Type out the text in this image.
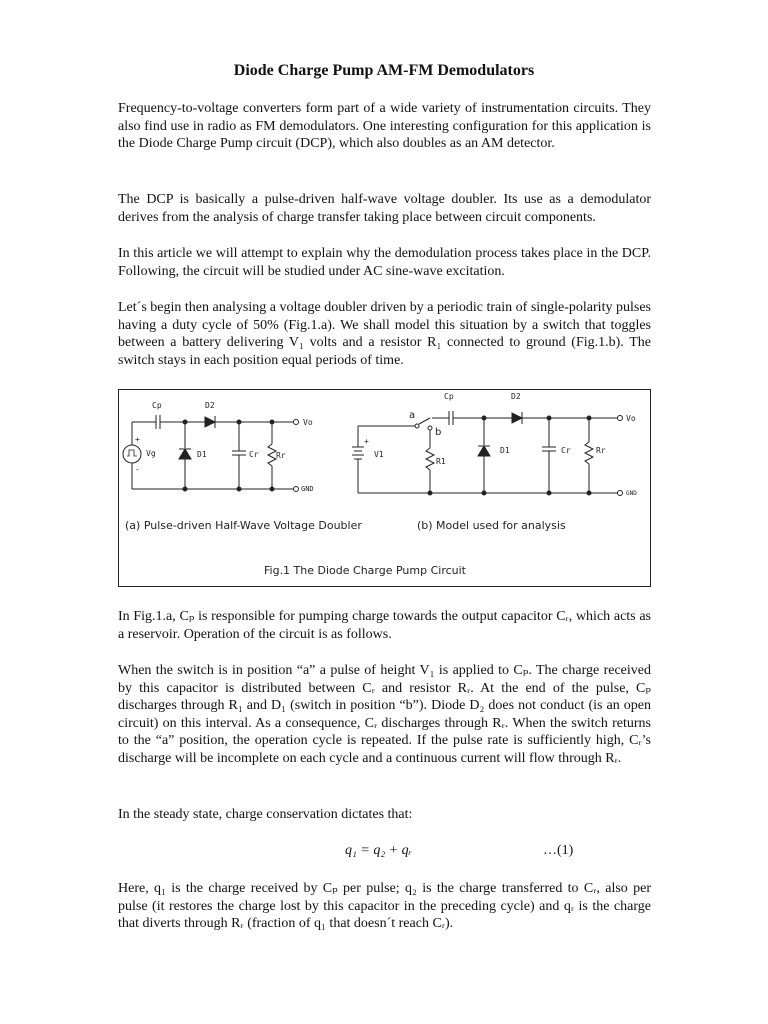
Diode Charge Pump AM-FM Demodulators
Frequency-to-voltage converters form part of a wide variety of instrumentation circuits. They also find use in radio as FM demodulators. One interesting configuration for this application is the Diode Charge Pump circuit (DCP), which also doubles as an AM detector.
The DCP is basically a pulse-driven half-wave voltage doubler. Its use as a demodulator derives from the analysis of charge transfer taking place between circuit components.
In this article we will attempt to explain why the demodulation process takes place in the DCP. Following, the circuit will be studied under AC sine-wave excitation.
Let´s begin then analysing a voltage doubler driven by a periodic train of single-polarity pulses having a duty cycle of 50% (Fig.1.a). We shall model this situation by a switch that toggles between a battery delivering V₁ volts and a resistor R₁ connected to ground (Fig.1.b). The switch stays in each position equal periods of time.
Cp	D2
Vo
D1	Cr Rr
Vg
GND
+
-
Cp	D2
Vo
a
b
V1
R1
D1	Cr	Rr
GND
+
(a) Pulse-driven Half-Wave Voltage Doubler	(b) Model used for analysis
Fig.1 The Diode Charge Pump Circuit
In Fig.1.a, Cₚ is responsible for pumping charge towards the output capacitor Cᵣ, which acts as a reservoir. Operation of the circuit is as follows.
When the switch is in position “a” a pulse of height V₁ is applied to Cₚ. The charge received by this capacitor is distributed between Cᵣ and resistor Rᵣ. At the end of the pulse, Cₚ discharges through R₁ and D₁ (switch in position “b”). Diode D₂ does not conduct (is an open circuit) on this interval. As a consequence, Cᵣ discharges through Rᵣ. When the switch returns to the “a” position, the operation cycle is repeated. If the pulse rate is sufficiently high, Cᵣ’s discharge will be incomplete on each cycle and a continuous current will flow through Rᵣ.
In the steady state, charge conservation dictates that:
q₁ = q₂ + qᵣ	…(1)
Here, q₁ is the charge received by Cₚ per pulse; q₂ is the charge transferred to Cᵣ, also per pulse (it restores the charge lost by this capacitor in the preceding cycle) and qᵣ is the charge that diverts through Rᵣ (fraction of q₁ that doesn´t reach Cᵣ).
